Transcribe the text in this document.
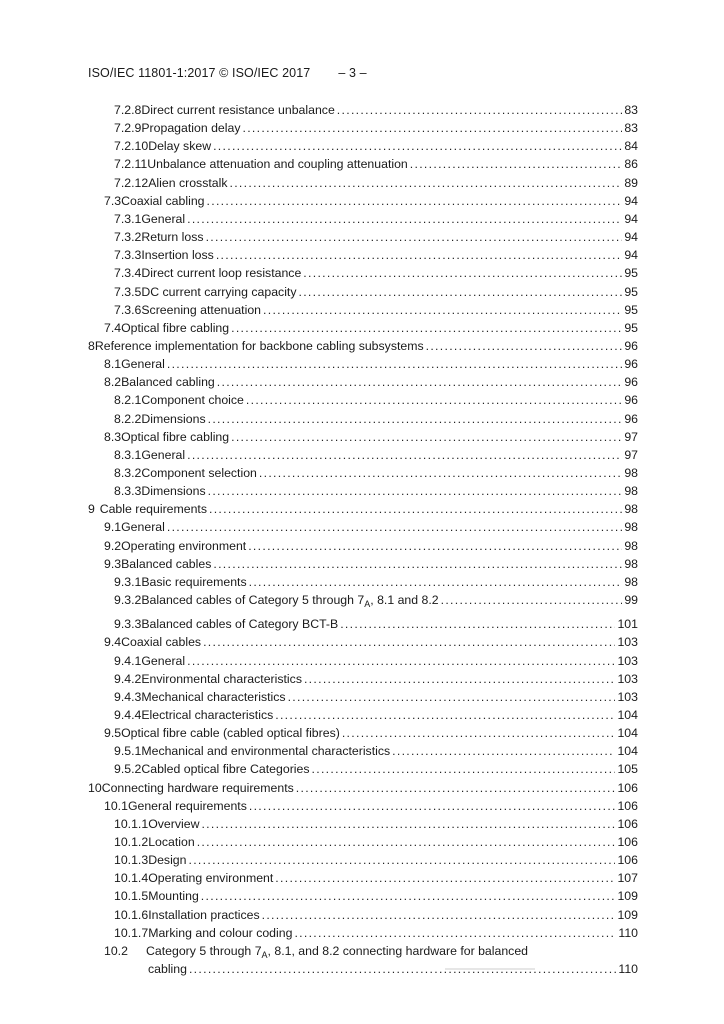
ISO/IEC 11801-1:2017 © ISO/IEC 2017 – 3 –
7.2.8 Direct current resistance unbalance .....	83
7.2.9 Propagation delay .....	83
7.2.10 Delay skew .....	84
7.2.11 Unbalance attenuation and coupling attenuation .....	86
7.2.12 Alien crosstalk .....	89
7.3 Coaxial cabling .....	94
7.3.1 General .....	94
7.3.2 Return loss .....	94
7.3.3 Insertion loss .....	94
7.3.4 Direct current loop resistance .....	95
7.3.5 DC current carrying capacity .....	95
7.3.6 Screening attenuation .....	95
7.4 Optical fibre cabling .....	95
8 Reference implementation for backbone cabling subsystems .....	96
8.1 General .....	96
8.2 Balanced cabling .....	96
8.2.1 Component choice .....	96
8.2.2 Dimensions .....	96
8.3 Optical fibre cabling .....	97
8.3.1 General .....	97
8.3.2 Component selection .....	98
8.3.3 Dimensions .....	98
9 Cable requirements .....	98
9.1 General .....	98
9.2 Operating environment .....	98
9.3 Balanced cables .....	98
9.3.1 Basic requirements .....	98
9.3.2 Balanced cables of Category 5 through $7_A$, 8.1 and 8.2 .....	99
9.3.3 Balanced cables of Category BCT-B .....	101
9.4 Coaxial cables .....	103
9.4.1 General .....	103
9.4.2 Environmental characteristics .....	103
9.4.3 Mechanical characteristics .....	103
9.4.4 Electrical characteristics .....	104
9.5 Optical fibre cable (cabled optical fibres) .....	104
9.5.1 Mechanical and environmental characteristics .....	104
9.5.2 Cabled optical fibre Categories .....	105
10 Connecting hardware requirements .....	106
10.1 General requirements .....	106
10.1.1 Overview .....	106
10.1.2 Location .....	106
10.1.3 Design .....	106
10.1.4 Operating environment .....	107
10.1.5 Mounting .....	109
10.1.6 Installation practices .....	109
10.1.7 Marking and colour coding .....	110
10.2	Category 5 through $7_A$, 8.1, and 8.2 connecting hardware for balanced
cabling .....	110
